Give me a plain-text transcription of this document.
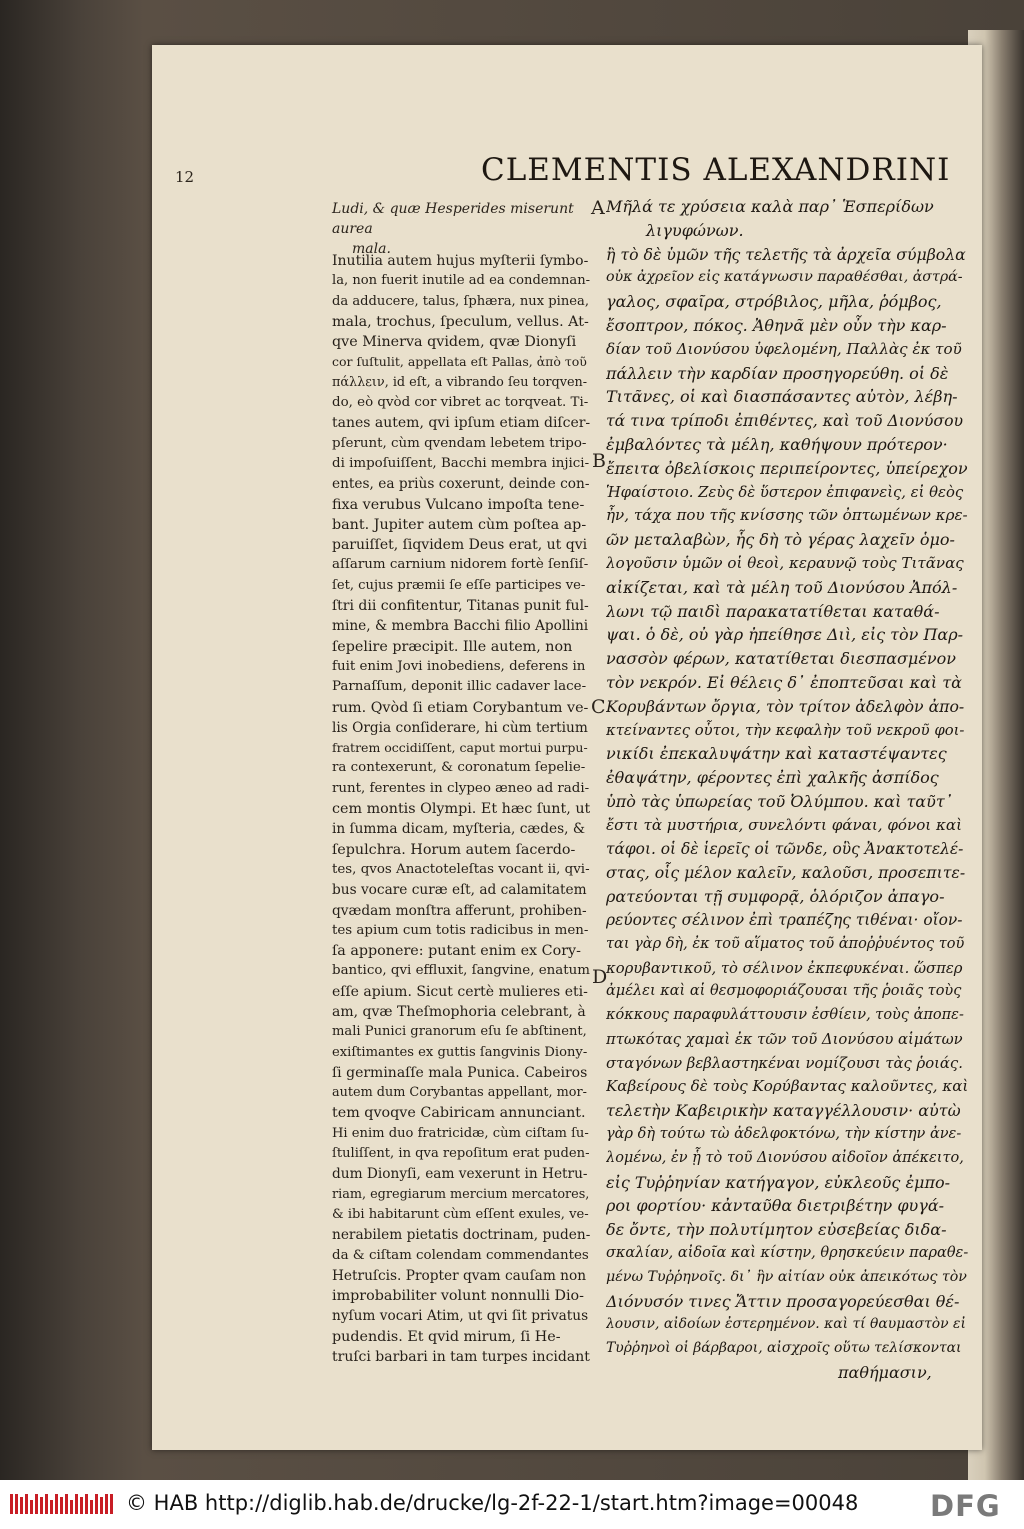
12	CLEMENTIS ALEXANDRINI
Ludi, & quæ Hesperides miserunt aurea
mala.
A
B
C
D
Inutilia autem hujus myſterii ſymbo-
la, non fuerit inutile ad ea condemnan-
da adducere, talus, ſphæra, nux pinea,
mala, trochus, ſpeculum, vellus. At-
qve Minerva qvidem, qvæ Dionyſi
cor ſuſtulit, appellata eſt Pallas, ἀπὸ τοῦ
πάλλειν, id eſt, a vibrando ſeu torqven-
do, eò qvòd cor vibret ac torqveat. Ti-
tanes autem, qvi ipſum etiam diſcer-
pſerunt, cùm qvendam lebetem tripo-
di impoſuiſſent, Bacchi membra injici-
entes, ea priùs coxerunt, deinde con-
fixa verubus Vulcano impoſta tene-
bant. Jupiter autem cùm poſtea ap-
paruiſſet, ſiqvidem Deus erat, ut qvi
aſſarum carnium nidorem fortè ſenſiſ-
ſet, cujus præmii ſe eſſe participes ve-
ſtri dii confitentur, Titanas punit ful-
mine, & membra Bacchi filio Apollini
ſepelire præcipit. Ille autem, non
fuit enim Jovi inobediens, deferens in
Parnaſſum, deponit illic cadaver lace-
rum. Qvòd ſi etiam Corybantum ve-
lis Orgia conſiderare, hi cùm tertium
fratrem occidiſſent, caput mortui purpu-
ra contexerunt, & coronatum ſepelie-
runt, ferentes in clypeo æneo ad radi-
cem montis Olympi. Et hæc ſunt, ut
in ſumma dicam, myſteria, cædes, &
ſepulchra. Horum autem ſacerdo-
tes, qvos Anactoteleſtas vocant ii, qvi-
bus vocare curæ eſt, ad calamitatem
qvædam monſtra afferunt, prohiben-
tes apium cum totis radicibus in men-
ſa apponere: putant enim ex Cory-
bantico, qvi effluxit, ſangvine, enatum
eſſe apium. Sicut certè mulieres eti-
am, qvæ Theſmophoria celebrant, à
mali Punici granorum eſu ſe abſtinent,
exiſtimantes ex guttis ſangvinis Diony-
ſi germinaſſe mala Punica. Cabeiros
autem dum Corybantas appellant, mor-
tem qvoqve Cabiricam annunciant.
Hi enim duo fratricidæ, cùm ciſtam ſu-
ſtuliſſent, in qva repoſitum erat puden-
dum Dionyſi, eam vexerunt in Hetru-
riam, egregiarum mercium mercatores,
& ibi habitarunt cùm eſſent exules, ve-
nerabilem pietatis doctrinam, puden-
da & ciſtam colendam commendantes
Hetruſcis. Propter qvam cauſam non
improbabiliter volunt nonnulli Dio-
nyſum vocari Atim, ut qvi ſit privatus
pudendis. Et qvid mirum, ſi He-
truſci barbari in tam turpes incidant
Μῆλά τε χρύσεια καλὰ παρ᾽ Ἑσπερίδων
λιγυφώνων.
ἢ τὸ δὲ ὑμῶν τῆς τελετῆς τὰ ἀρχεῖα σύμβολα
οὐκ ἀχρεῖον εἰς κατάγνωσιν παραθέσθαι, ἀστρά-
γαλος, σφαῖρα, στρόβιλος, μῆλα, ῥόμβος,
ἔσοπτρον, πόκος. Ἀθηνᾶ μὲν οὖν τὴν καρ-
δίαν τοῦ Διονύσου ὑφελομένη, Παλλὰς ἐκ τοῦ
πάλλειν τὴν καρδίαν προσηγορεύθη. οἱ δὲ
Τιτᾶνες, οἱ καὶ διασπάσαντες αὐτὸν, λέβη-
τά τινα τρίποδι ἐπιθέντες, καὶ τοῦ Διονύσου
ἐμβαλόντες τὰ μέλη, καθήψουν πρότερον·
ἔπειτα ὀβελίσκοις περιπείροντες, ὑπείρεχον
Ἡφαίστοιο. Ζεὺς δὲ ὕστερον ἐπιφανεὶς, εἰ θεὸς
ἦν, τάχα που τῆς κνίσσης τῶν ὀπτωμένων κρε-
ῶν μεταλαβὼν, ἧς δὴ τὸ γέρας λαχεῖν ὁμο-
λογοῦσιν ὑμῶν οἱ θεοὶ, κεραυνῷ τοὺς Τιτᾶνας
αἰκίζεται, καὶ τὰ μέλη τοῦ Διονύσου Ἀπόλ-
λωνι τῷ παιδὶ παρακατατίθεται καταθά-
ψαι. ὁ δὲ, οὐ γὰρ ἠπείθησε Διὶ, εἰς τὸν Παρ-
νασσὸν φέρων, κατατίθεται διεσπασμένον
τὸν νεκρόν. Εἰ θέλεις δ᾽ ἐποπτεῦσαι καὶ τὰ
Κορυβάντων ὄργια, τὸν τρίτον ἀδελφὸν ἀπο-
κτείναντες οὗτοι, τὴν κεφαλὴν τοῦ νεκροῦ φοι-
νικίδι ἐπεκαλυψάτην καὶ καταστέψαντες
ἐθαψάτην, φέροντες ἐπὶ χαλκῆς ἀσπίδος
ὑπὸ τὰς ὑπωρείας τοῦ Ὀλύμπου. καὶ ταῦτ᾽
ἔστι τὰ μυστήρια, συνελόντι φάναι, φόνοι καὶ
τάφοι. οἱ δὲ ἱερεῖς οἱ τῶνδε, οὓς Ἀνακτοτελέ-
στας, οἷς μέλον καλεῖν, καλοῦσι, προσεπιτε-
ρατεύονται τῇ συμφορᾷ, ὁλόριζον ἀπαγο-
ρεύοντες σέλινον ἐπὶ τραπέζης τιθέναι· οἴον-
ται γὰρ δὴ, ἐκ τοῦ αἵματος τοῦ ἀποῤῥυέντος τοῦ
κορυβαντικοῦ, τὸ σέλινον ἐκπεφυκέναι. ὥσπερ
ἀμέλει καὶ αἱ θεσμοφοριάζουσαι τῆς ῥοιᾶς τοὺς
κόκκους παραφυλάττουσιν ἐσθίειν, τοὺς ἀποπε-
πτωκότας χαμαὶ ἐκ τῶν τοῦ Διονύσου αἱμάτων
σταγόνων βεβλαστηκέναι νομίζουσι τὰς ῥοιάς.
Καβείρους δὲ τοὺς Κορύβαντας καλοῦντες, καὶ
τελετὴν Καβειρικὴν καταγγέλλουσιν· αὐτὼ
γὰρ δὴ τούτω τὼ ἀδελφοκτόνω, τὴν κίστην ἀνε-
λομένω, ἐν ᾗ τὸ τοῦ Διονύσου αἰδοῖον ἀπέκειτο,
εἰς Τυῤῥηνίαν κατήγαγον, εὐκλεοῦς ἐμπο-
ροι φορτίου· κἀνταῦθα διετριβέτην φυγά-
δε ὄντε, τὴν πολυτίμητον εὐσεβείας διδα-
σκαλίαν, αἰδοῖα καὶ κίστην, θρησκεύειν παραθε-
μένω Τυῤῥηνοῖς. δι᾽ ἣν αἰτίαν οὐκ ἀπεικότως τὸν
Διόνυσόν τινες Ἄττιν προσαγορεύεσθαι θέ-
λουσιν, αἰδοίων ἐστερημένον. καὶ τί θαυμαστὸν εἰ
Τυῤῥηνοὶ οἱ βάρβαροι, αἰσχροῖς οὕτω τελίσκονται
παθήμασιν,
© HAB http://diglib.hab.de/drucke/lg-2f-22-1/start.htm?image=00048 DFG
